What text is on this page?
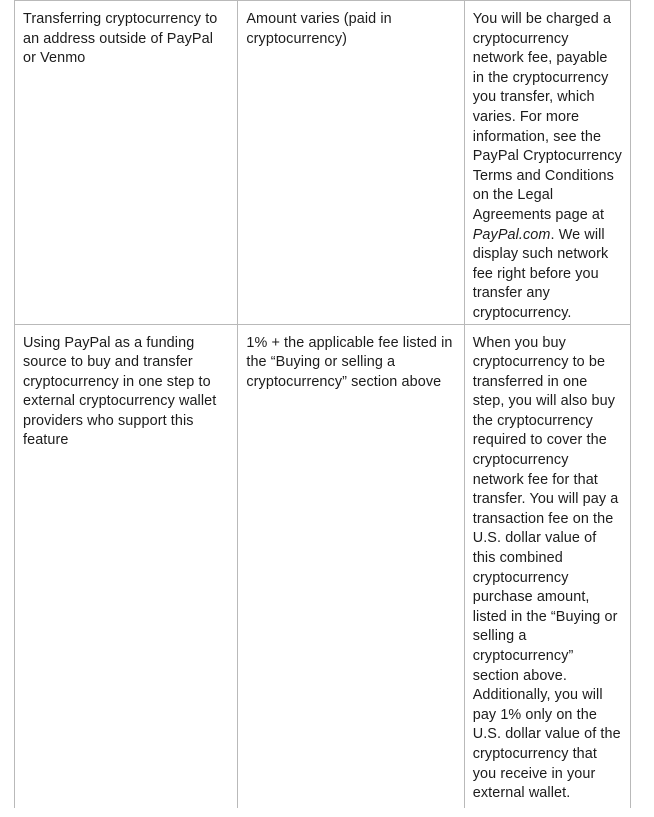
Transferring cryptocurrency to an address outside of PayPal or Venmo	Amount varies (paid in cryptocurrency)	You will be charged a cryptocurrency network fee, payable in the cryptocurrency you transfer, which varies. For more information, see the PayPal Cryptocurrency Terms and Conditions on the Legal Agreements page at PayPal.com. We will display such network fee right before you transfer any cryptocurrency.

Using PayPal as a funding source to buy and transfer cryptocurrency in one step to external cryptocurrency wallet providers who support this feature	1% + the applicable fee listed in the “Buying or selling a cryptocurrency” section above	When you buy cryptocurrency to be transferred in one step, you will also buy the cryptocurrency required to cover the cryptocurrency network fee for that transfer. You will pay a transaction fee on the U.S. dollar value of this combined cryptocurrency purchase amount, listed in the “Buying or selling a cryptocurrency” section above. Additionally, you will pay 1% only on the U.S. dollar value of the cryptocurrency that you receive in your external wallet.
